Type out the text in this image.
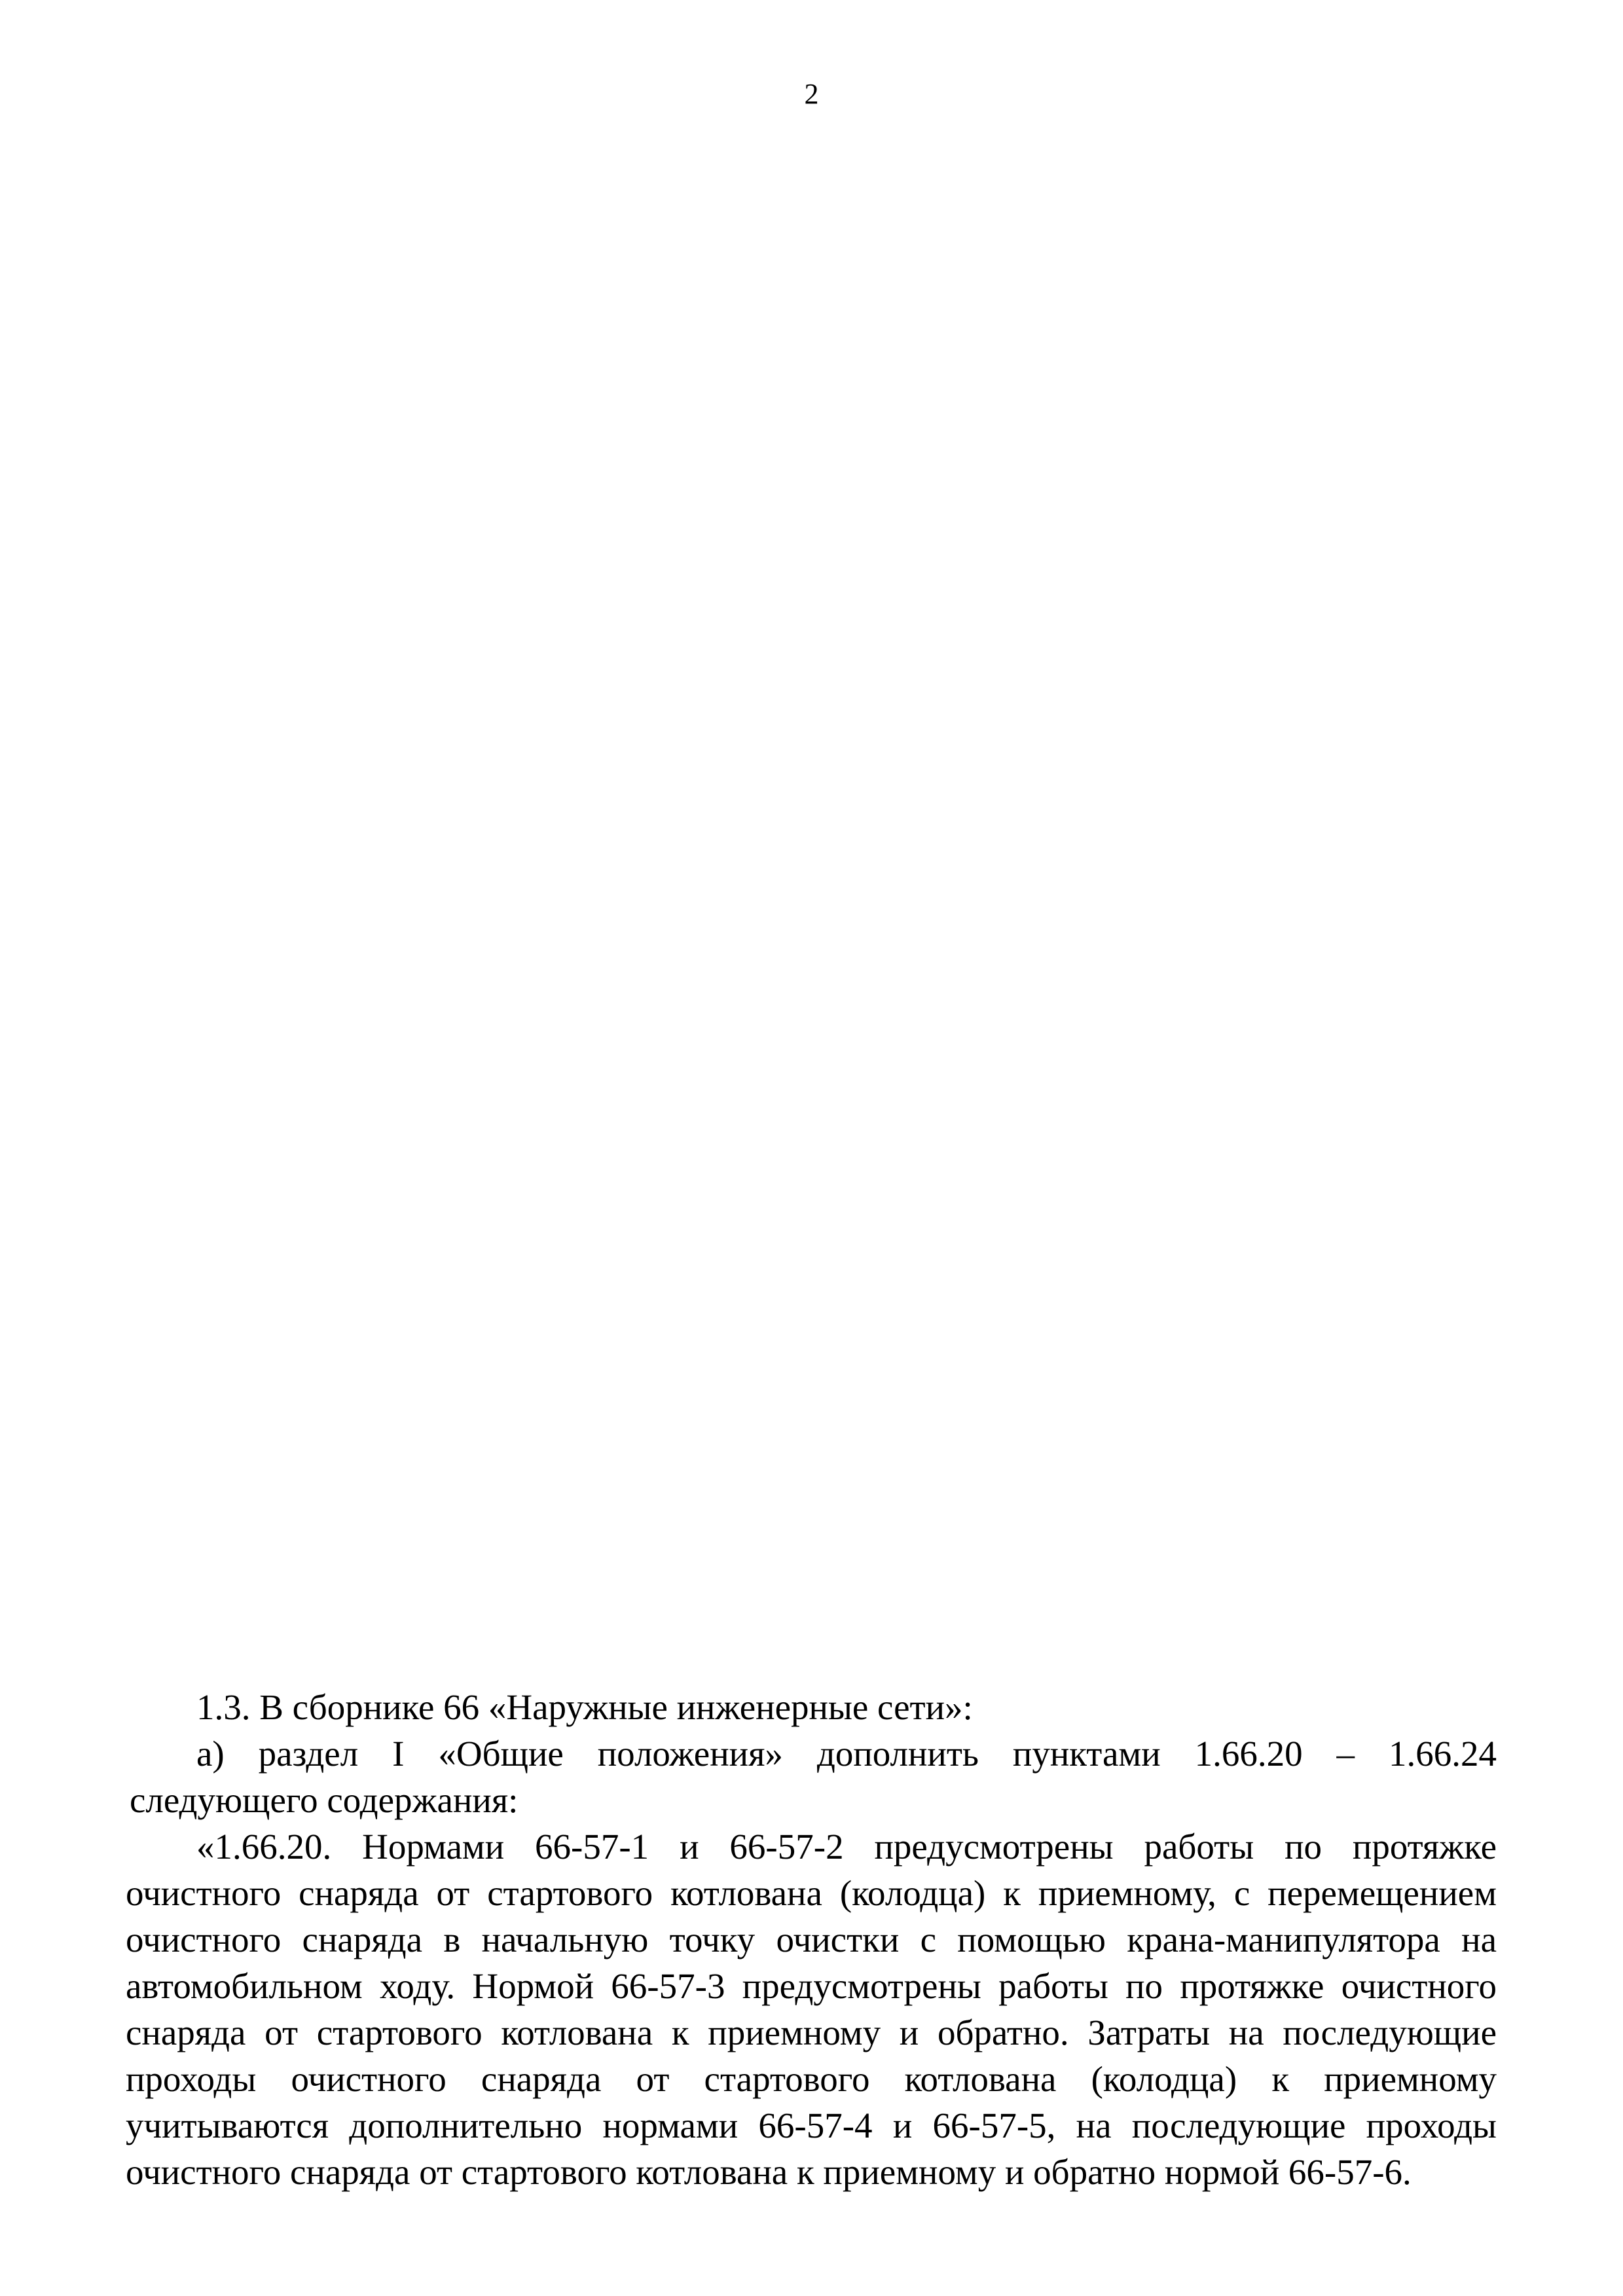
2
1.3. В сборнике 66 «Наружные инженерные сети»:
а) раздел I «Общие положения» дополнить пунктами 1.66.20 – 1.66.24
следующего содержания:
«1.66.20. Нормами 66-57-1 и 66-57-2 предусмотрены работы по протяжке
очистного снаряда от стартового котлована (колодца) к приемному, с перемещением
очистного снаряда в начальную точку очистки с помощью крана-манипулятора на
автомобильном ходу. Нормой 66-57-3 предусмотрены работы по протяжке очистного
снаряда от стартового котлована к приемному и обратно. Затраты на последующие
проходы очистного снаряда от стартового котлована (колодца) к приемному
учитываются дополнительно нормами 66-57-4 и 66-57-5, на последующие проходы
очистного снаряда от стартового котлована к приемному и обратно нормой 66-57-6.
